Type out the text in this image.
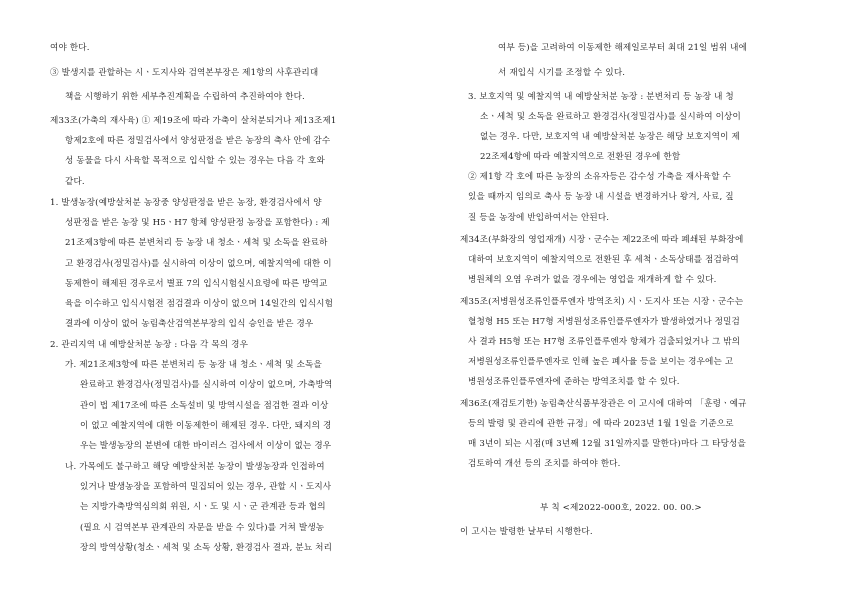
여야 한다.
③ 발생지를 관할하는 시ㆍ도지사와 검역본부장은 제1항의 사후관리대
책을 시행하기 위한 세부추진계획을 수립하여 추진하여야 한다.
제33조(가축의 재사육) ① 제19조에 따라 가축이 살처분되거나 제13조제1
항제2호에 따른 정밀검사에서 양성판정을 받은 농장의 축사 안에 감수
성 동물을 다시 사육할 목적으로 입식할 수 있는 경우는 다음 각 호와
같다.
1. 발생농장(예방살처분 농장중 양성판정을 받은 농장, 환경검사에서 양
성판정을 받은 농장 및 H5ㆍH7 항체 양성판정 농장을 포함한다) : 제
21조제3항에 따른 분변처리 등 농장 내 청소ㆍ세척 및 소독을 완료하
고 환경검사(정밀검사)를 실시하여 이상이 없으며, 예찰지역에 대한 이
동제한이 해제된 경우로서 별표 7의 입식시험실시요령에 따른 방역교
육을 이수하고 입식시험전 점검결과 이상이 없으며 14일간의 입식시험
결과에 이상이 없어 농림축산검역본부장의 입식 승인을 받은 경우
2. 관리지역 내 예방살처분 농장 : 다음 각 목의 경우
가. 제21조제3항에 따른 분변처리 등 농장 내 청소ㆍ세척 및 소독을
완료하고 환경검사(정밀검사)를 실시하여 이상이 없으며, 가축방역
관이 법 제17조에 따른 소독설비 및 방역시설을 점검한 결과 이상
이 없고 예찰지역에 대한 이동제한이 해제된 경우. 다만, 돼지의 경
우는 발생농장의 분변에 대한 바이러스 검사에서 이상이 없는 경우
나. 가목에도 불구하고 해당 예방살처분 농장이 발생농장과 인접하여
있거나 발생농장을 포함하여 밀집되어 있는 경우, 관할 시ㆍ도지사
는 지방가축방역심의회 위원, 시ㆍ도 및 시ㆍ군 관계관 등과 협의
(필요 시 검역본부 관계관의 자문을 받을 수 있다)를 거쳐 발생농
장의 방역상황(청소ㆍ세척 및 소독 상황, 환경검사 결과, 분뇨 처리
여부 등)을 고려하여 이동제한 해제일로부터 최대 21일 범위 내에
서 재입식 시기를 조정할 수 있다.
3. 보호지역 및 예찰지역 내 예방살처분 농장 : 분변처리 등 농장 내 청
소ㆍ세척 및 소독을 완료하고 환경검사(정밀검사)를 실시하여 이상이
없는 경우. 다만, 보호지역 내 예방살처분 농장은 해당 보호지역이 제
22조제4항에 따라 예찰지역으로 전환된 경우에 한함
② 제1항 각 호에 따른 농장의 소유자등은 감수성 가축을 재사육할 수
있을 때까지 임의로 축사 등 농장 내 시설을 변경하거나 왕겨, 사료, 짚
질 등을 농장에 반입하여서는 안된다.
제34조(부화장의 영업재개) 시장ㆍ군수는 제22조에 따라 폐쇄된 부화장에
대하여 보호지역이 예찰지역으로 전환된 후 세척ㆍ소독상태를 점검하여
병원체의 오염 우려가 없을 경우에는 영업을 재개하게 할 수 있다.
제35조(저병원성조류인플루엔자 방역조치) 시ㆍ도지사 또는 시장ㆍ군수는
혈청형 H5 또는 H7형 저병원성조류인플루엔자가 발생하였거나 정밀검
사 결과 H5형 또는 H7형 조류인플루엔자 항체가 검출되었거나 그 밖의
저병원성조류인플루엔자로 인해 높은 폐사율 등을 보이는 경우에는 고
병원성조류인플루엔자에 준하는 방역조치를 할 수 있다.
제36조(재검토기한) 농림축산식품부장관은 이 고시에 대하여 「훈령ㆍ예규
등의 발령 및 관리에 관한 규정」에 따라 2023년 1월 1일을 기준으로
매 3년이 되는 시점(매 3년째 12월 31일까지를 말한다)마다 그 타당성을
검토하여 개선 등의 조치를 하여야 한다.
부 칙 <제2022-000호, 2022. 00. 00.>
이 고시는 발령한 날부터 시행한다.
